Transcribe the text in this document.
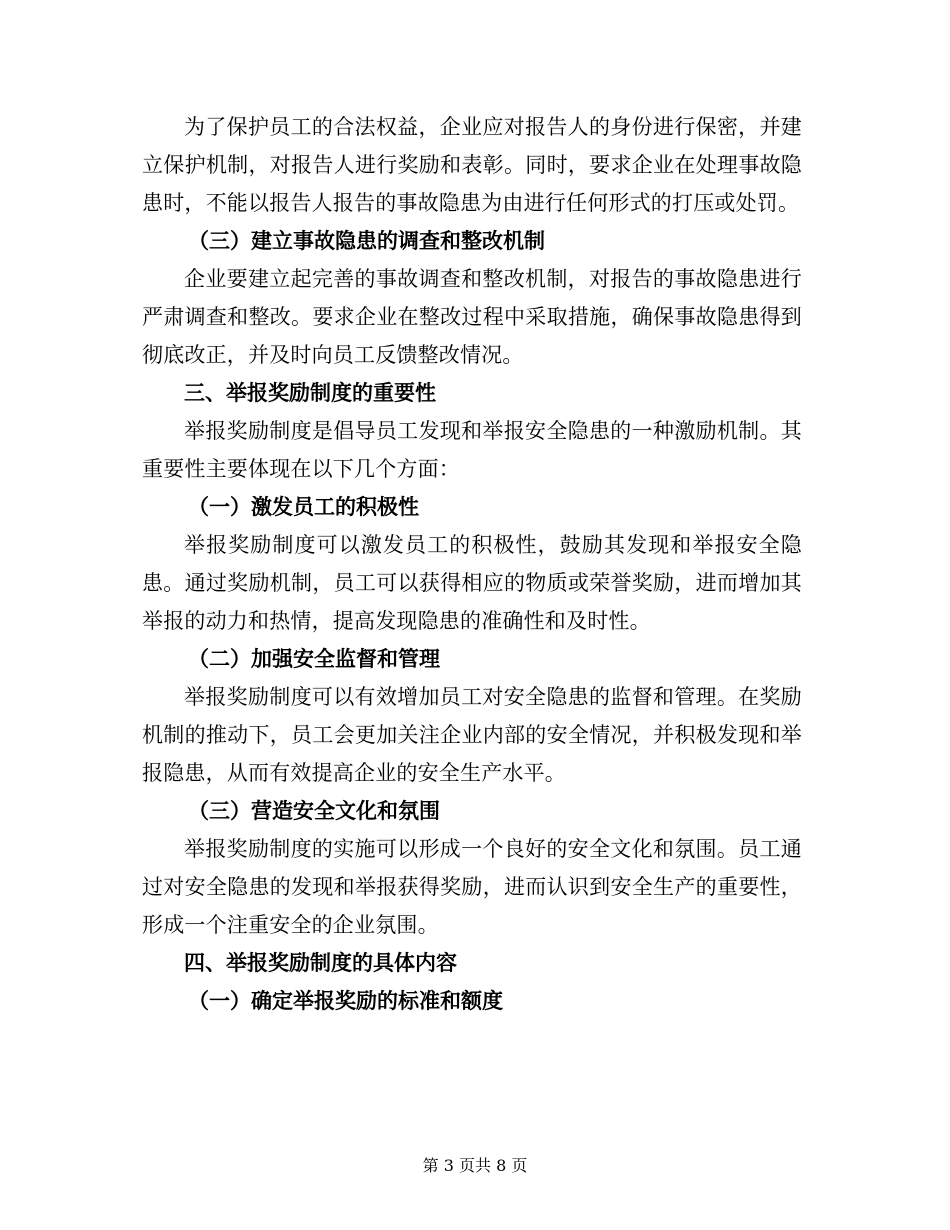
为了保护员工的合法权益，企业应对报告人的身份进行保密，并建立保护机制，对报告人进行奖励和表彰。同时，要求企业在处理事故隐患时，不能以报告人报告的事故隐患为由进行任何形式的打压或处罚。

（三）建立事故隐患的调查和整改机制

企业要建立起完善的事故调查和整改机制，对报告的事故隐患进行严肃调查和整改。要求企业在整改过程中采取措施，确保事故隐患得到彻底改正，并及时向员工反馈整改情况。

三、举报奖励制度的重要性

举报奖励制度是倡导员工发现和举报安全隐患的一种激励机制。其重要性主要体现在以下几个方面：

（一）激发员工的积极性

举报奖励制度可以激发员工的积极性，鼓励其发现和举报安全隐患。通过奖励机制，员工可以获得相应的物质或荣誉奖励，进而增加其举报的动力和热情，提高发现隐患的准确性和及时性。

（二）加强安全监督和管理

举报奖励制度可以有效增加员工对安全隐患的监督和管理。在奖励机制的推动下，员工会更加关注企业内部的安全情况，并积极发现和举报隐患，从而有效提高企业的安全生产水平。

（三）营造安全文化和氛围

举报奖励制度的实施可以形成一个良好的安全文化和氛围。员工通过对安全隐患的发现和举报获得奖励，进而认识到安全生产的重要性，形成一个注重安全的企业氛围。

四、举报奖励制度的具体内容

（一）确定举报奖励的标准和额度

第 3 页共 8 页
